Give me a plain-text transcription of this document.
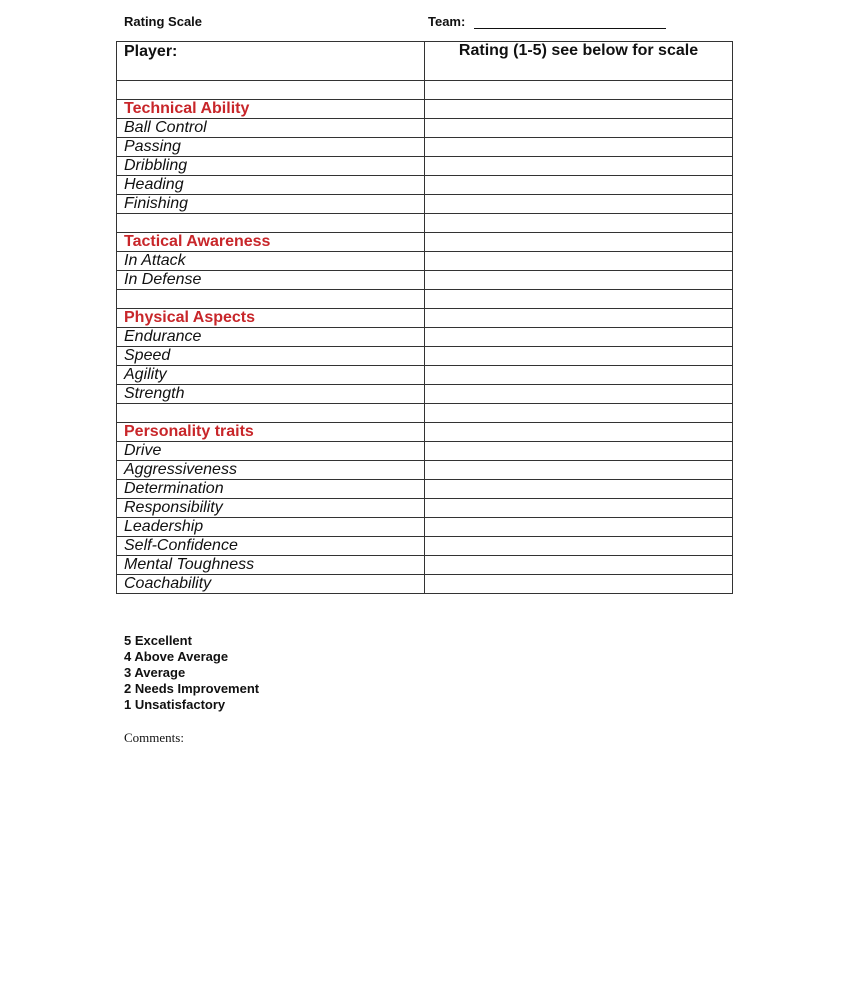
Rating Scale	Team:
Player:	Rating (1-5) see below for scale

Technical Ability	
Ball Control	
Passing	
Dribbling	
Heading	
Finishing	

Tactical Awareness	
In Attack	
In Defense	

Physical Aspects	
Endurance	
Speed	
Agility	
Strength	

Personality traits	
Drive	
Aggressiveness	
Determination	
Responsibility	
Leadership	
Self-Confidence	
Mental Toughness	
Coachability	
5 Excellent
4 Above Average
3 Average
2 Needs Improvement
1 Unsatisfactory
Comments:
